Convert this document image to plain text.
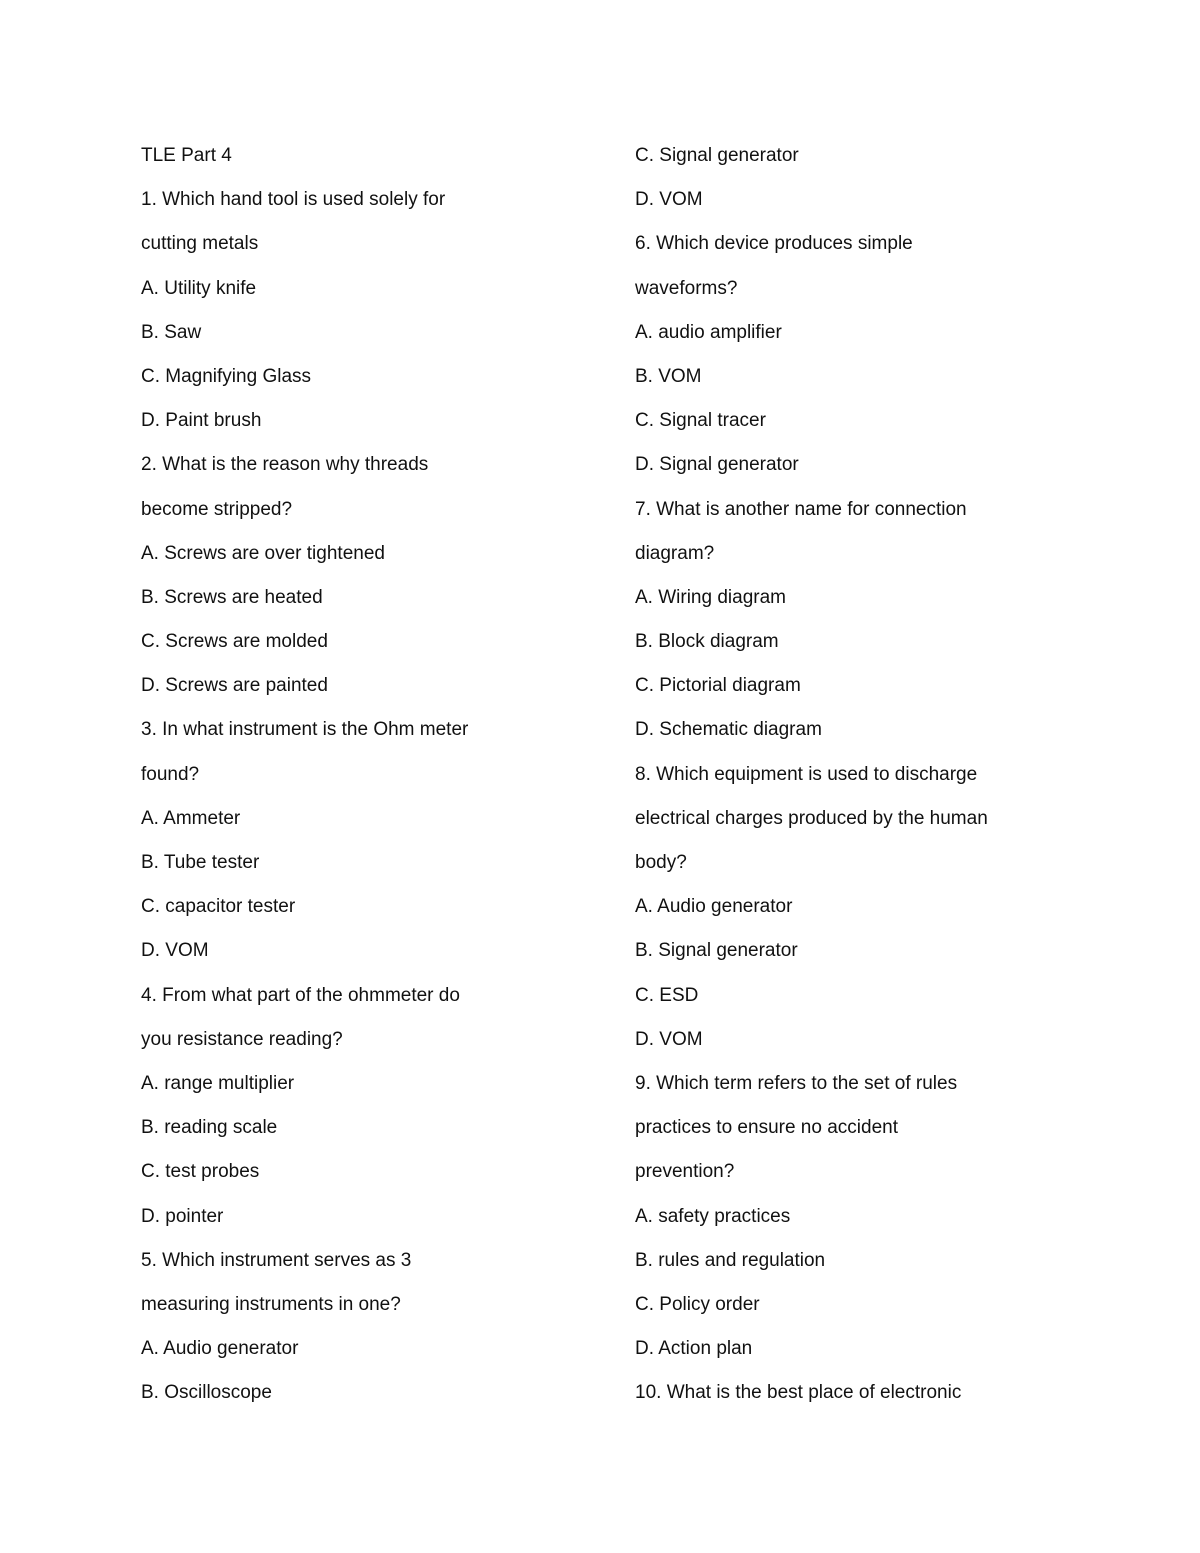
TLE Part 4
1. Which hand tool is used solely for
cutting metals
A. Utility knife
B. Saw
C. Magnifying Glass
D. Paint brush
2. What is the reason why threads
become stripped?
A. Screws are over tightened
B. Screws are heated
C. Screws are molded
D. Screws are painted
3. In what instrument is the Ohm meter
found?
A. Ammeter
B. Tube tester
C. capacitor tester
D. VOM
4. From what part of the ohmmeter do
you resistance reading?
A. range multiplier
B. reading scale
C. test probes
D. pointer
5. Which instrument serves as 3
measuring instruments in one?
A. Audio generator
B. Oscilloscope
C. Signal generator
D. VOM
6. Which device produces simple
waveforms?
A. audio amplifier
B. VOM
C. Signal tracer
D. Signal generator
7. What is another name for connection
diagram?
A. Wiring diagram
B. Block diagram
C. Pictorial diagram
D. Schematic diagram
8. Which equipment is used to discharge
electrical charges produced by the human
body?
A. Audio generator
B. Signal generator
C. ESD
D. VOM
9. Which term refers to the set of rules
practices to ensure no accident
prevention?
A. safety practices
B. rules and regulation
C. Policy order
D. Action plan
10. What is the best place of electronic
